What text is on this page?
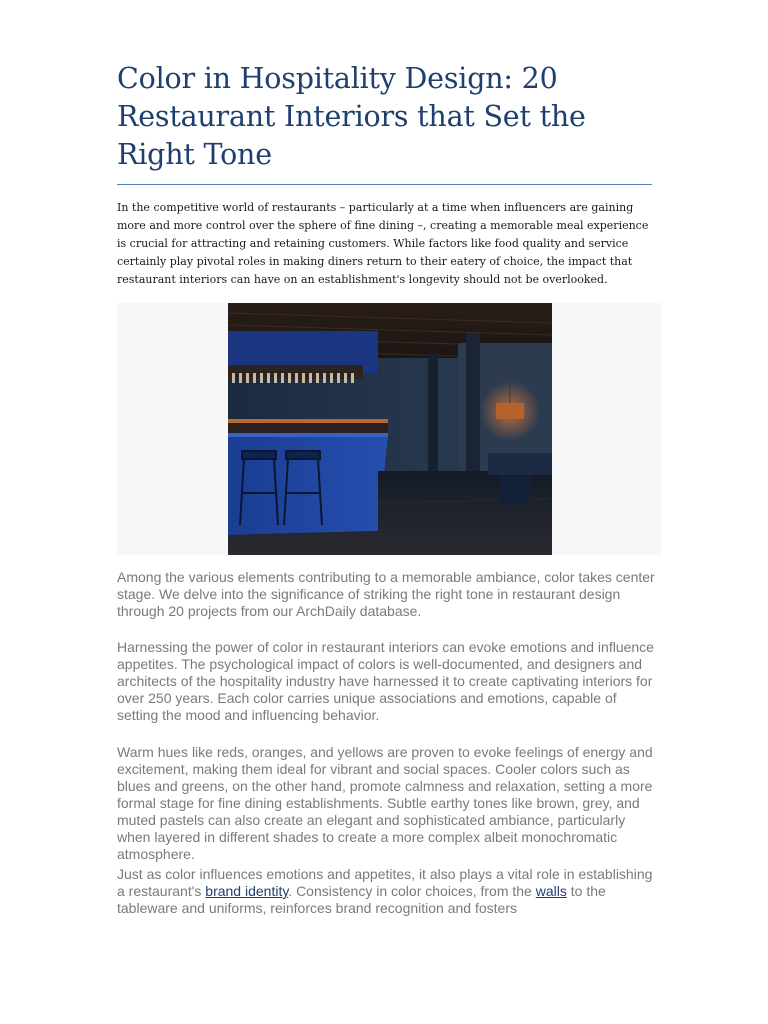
Color in Hospitality Design: 20 Restaurant Interiors that Set the Right Tone

In the competitive world of restaurants – particularly at a time when influencers are gaining more and more control over the sphere of fine dining –, creating a memorable meal experience is crucial for attracting and retaining customers. While factors like food quality and service certainly play pivotal roles in making diners return to their eatery of choice, the impact that restaurant interiors can have on an establishment's longevity should not be overlooked.

Among the various elements contributing to a memorable ambiance, color takes center stage. We delve into the significance of striking the right tone in restaurant design through 20 projects from our ArchDaily database.

Harnessing the power of color in restaurant interiors can evoke emotions and influence appetites. The psychological impact of colors is well-documented, and designers and architects of the hospitality industry have harnessed it to create captivating interiors for over 250 years. Each color carries unique associations and emotions, capable of setting the mood and influencing behavior.

Warm hues like reds, oranges, and yellows are proven to evoke feelings of energy and excitement, making them ideal for vibrant and social spaces. Cooler colors such as blues and greens, on the other hand, promote calmness and relaxation, setting a more formal stage for fine dining establishments. Subtle earthy tones like brown, grey, and muted pastels can also create an elegant and sophisticated ambiance, particularly when layered in different shades to create a more complex albeit monochromatic atmosphere.

Just as color influences emotions and appetites, it also plays a vital role in establishing a restaurant's brand identity. Consistency in color choices, from the walls to the tableware and uniforms, reinforces brand recognition and fosters
